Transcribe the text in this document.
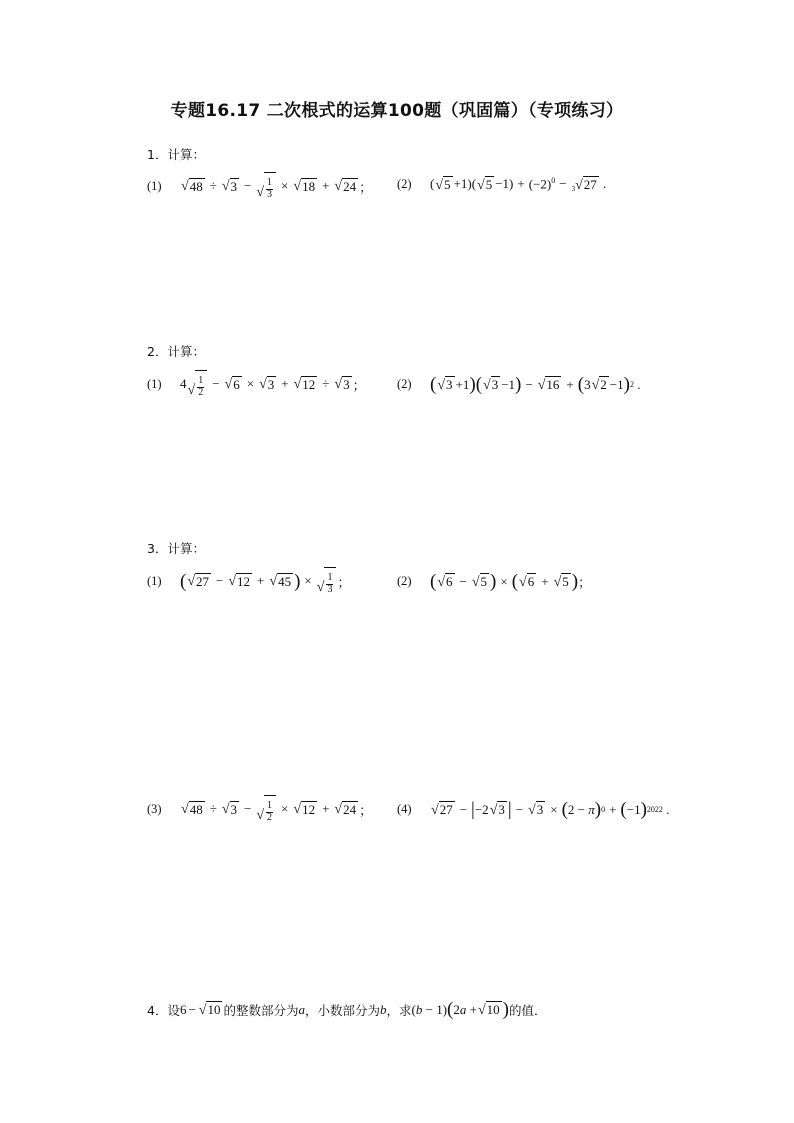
专题16.17 二次根式的运算100题（巩固篇）（专项练习）
1．计算：
(1)	√ 48 ÷ √ 3 − √ $\frac{1}{3}$ × √ 18 + √ 24 ； (2)	( √ 5 +1)( √ $5 -1) + (-2)^0 - 3$ √ 27 .
2．计算：
(1)	4 √ $\frac{1}{2}$ − √ 6 × √ 3 + √ 12 ÷ √ 3 ；	(2) ( √ 3 +1 ) ( √ 3 −1 ) − √ 16 + ( 3 √ 2 −1 ) 2 .
3．计算：
(1) ( √ 27 − √ 12 + √ 45 ) × √ $\frac{1}{3}$ ；	(2) ( √ 6 − √ 5 ) × ( √ 6 + √ 5 ) ；
(3)	√ 48 ÷ √ 3 − √ $\frac{1}{2}$ × √ 12 + √ 24 ； (4)	√ 27 − | −2 √ 3 | − √ 3 × ( 2 − π ) 0 + ( −1 ) 2022 .
4．设 6 − √ 10 的整数部分为 a ，小数部分为 b ，求 ( b − 1) ( 2a + √ 10 ) 的值．
